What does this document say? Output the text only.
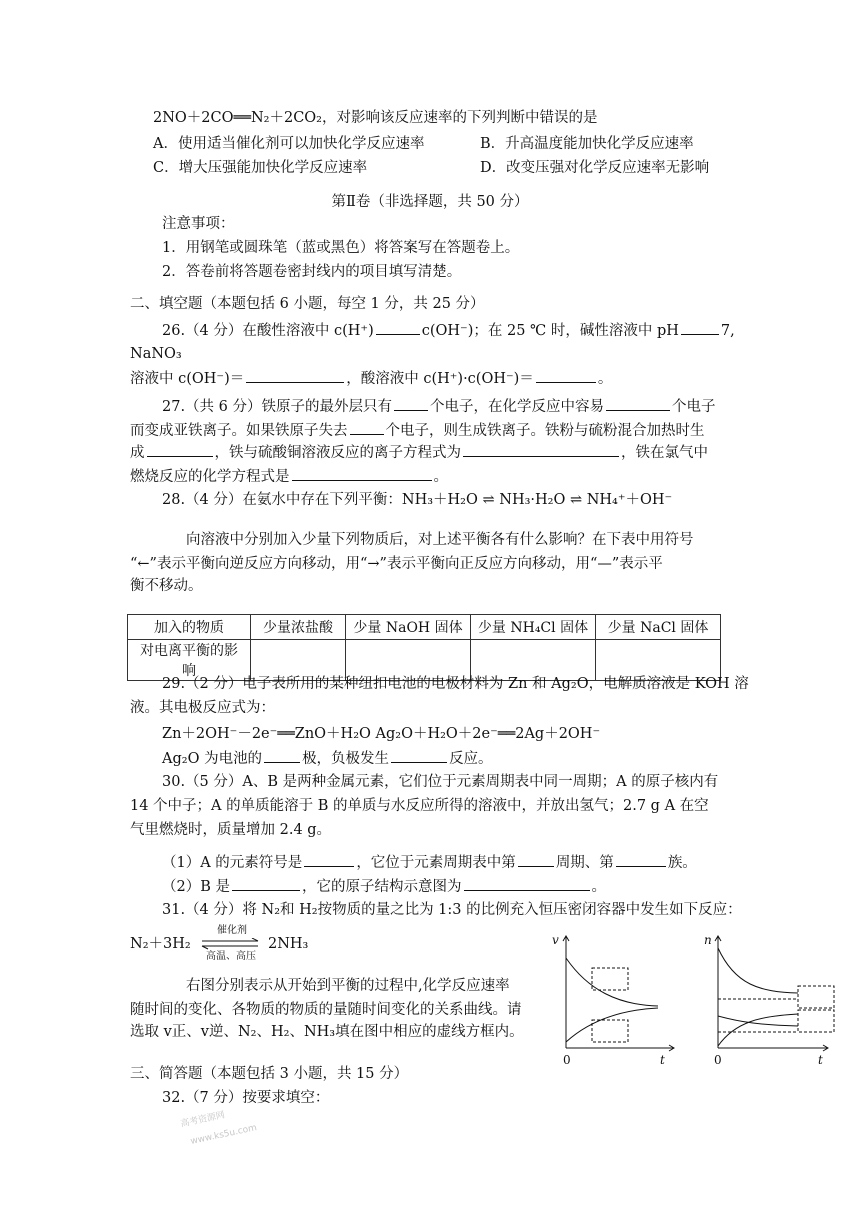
2NO＋2CO══N₂＋2CO₂，对影响该反应速率的下列判断中错误的是
A．使用适当催化剂可以加快化学反应速率	B．升高温度能加快化学反应速率
C．增大压强能加快化学反应速率	D．改变压强对化学反应速率无影响
第Ⅱ卷（非选择题，共 50 分）
注意事项：
1．用钢笔或圆珠笔（蓝或黑色）将答案写在答题卷上。
2．答卷前将答题卷密封线内的项目填写清楚。
二、填空题（本题包括 6 小题，每空 1 分，共 25 分）
26.（4 分）在酸性溶液中 c(H⁺)	c(OH⁻)；在 25 ℃ 时，碱性溶液中 pH	7,
NaNO₃
溶液中 c(OH⁻)＝	，酸溶液中 c(H⁺)·c(OH⁻)＝	。
27.（共 6 分）铁原子的最外层只有	个电子，在化学反应中容易	个电子
而变成亚铁离子。如果铁原子失去	个电子，则生成铁离子。铁粉与硫粉混合加热时生
成	，铁与硫酸铜溶液反应的离子方程式为	，铁在氯气中
燃烧反应的化学方程式是	。
28.（4 分）在氨水中存在下列平衡：NH₃＋H₂O ⇌ NH₃·H₂O ⇌ NH₄⁺＋OH⁻
向溶液中分别加入少量下列物质后，对上述平衡各有什么影响？在下表中用符号
“←”表示平衡向逆反应方向移动，用“→”表示平衡向正反应方向移动，用“—”表示平
衡不移动。
加入的物质	少量浓盐酸	少量 NaOH 固体	少量 NH₄Cl 固体	少量 NaCl 固体
对电离平衡的影响				
29.（2 分）电子表所用的某种纽扣电池的电极材料为 Zn 和 Ag₂O，电解质溶液是 KOH 溶
液。其电极反应式为：
Zn＋2OH⁻－2e⁻══ZnO＋H₂O Ag₂O＋H₂O＋2e⁻══2Ag＋2OH⁻
Ag₂O 为电池的	极，负极发生	反应。
30.（5 分）A、B 是两种金属元素，它们位于元素周期表中同一周期；A 的原子核内有
14 个中子；A 的单质能溶于 B 的单质与水反应所得的溶液中，并放出氢气；2.7 g A 在空
气里燃烧时，质量增加 2.4 g。
（1）A 的元素符号是	，它位于元素周期表中第	周期、第	族。
（2）B 是	，它的原子结构示意图为	。
31.（4 分）将 N₂和 H₂按物质的量之比为 1:3 的比例充入恒压密闭容器中发生如下反应：
N₂＋3H₂
催化剂
高温、高压
2NH₃
右图分别表示从开始到平衡的过程中,化学反应速率
随时间的变化、各物质的物质的量随时间变化的关系曲线。请
选取 v正、v逆、N₂、H₂、NH₃填在图中相应的虚线方框内。
v
t
0
n
t
0
三、简答题（本题包括 3 小题，共 15 分）
32.（7 分）按要求填空：
高考资源网
www.ks5u.com
